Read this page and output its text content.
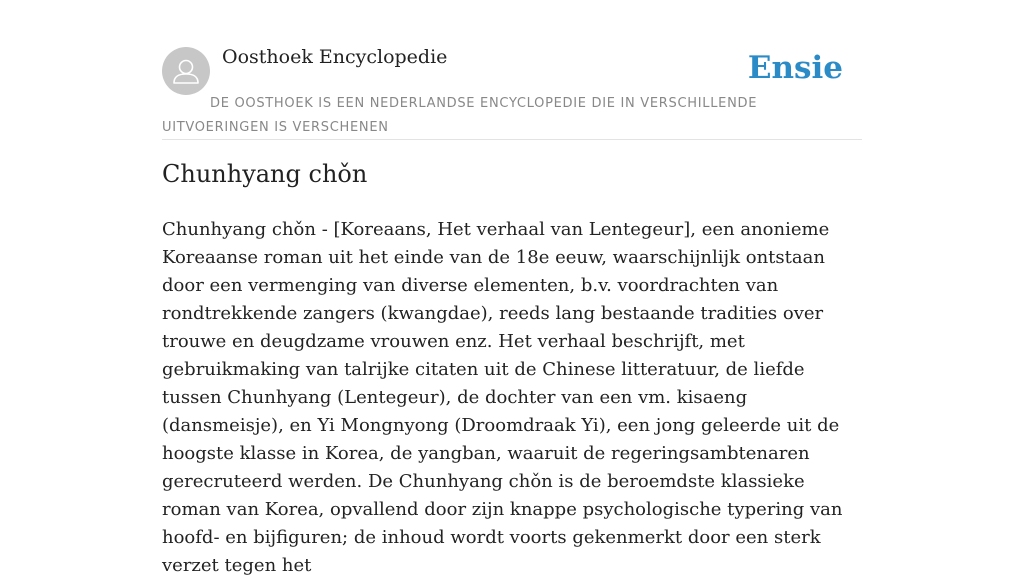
Oosthoek Encyclopedie	Ensie
DE OOSTHOEK IS EEN NEDERLANDSE ENCYCLOPEDIE DIE IN VERSCHILLENDE UITVOERINGEN IS VERSCHENEN
Chunhyang chǒn

Chunhyang chǒn - [Koreaans, Het verhaal van Lentegeur], een anonieme Koreaanse roman uit het einde van de 18e eeuw, waarschijnlijk ontstaan door een vermenging van diverse elementen, b.v. voordrachten van rondtrekkende zangers (kwangdae), reeds lang bestaande tradities over trouwe en deugdzame vrouwen enz. Het verhaal beschrijft, met gebruikmaking van talrijke citaten uit de Chinese litteratuur, de liefde tussen Chunhyang (Lentegeur), de dochter van een vm. kisaeng (dansmeisje), en Yi Mongnyong (Droomdraak Yi), een jong geleerde uit de hoogste klasse in Korea, de yangban, waaruit de regeringsambtenaren gerecruteerd werden. De Chunhyang chǒn is de beroemdste klassieke roman van Korea, opvallend door zijn knappe psychologische typering van hoofd- en bijfiguren; de inhoud wordt voorts gekenmerkt door een sterk verzet tegen het
